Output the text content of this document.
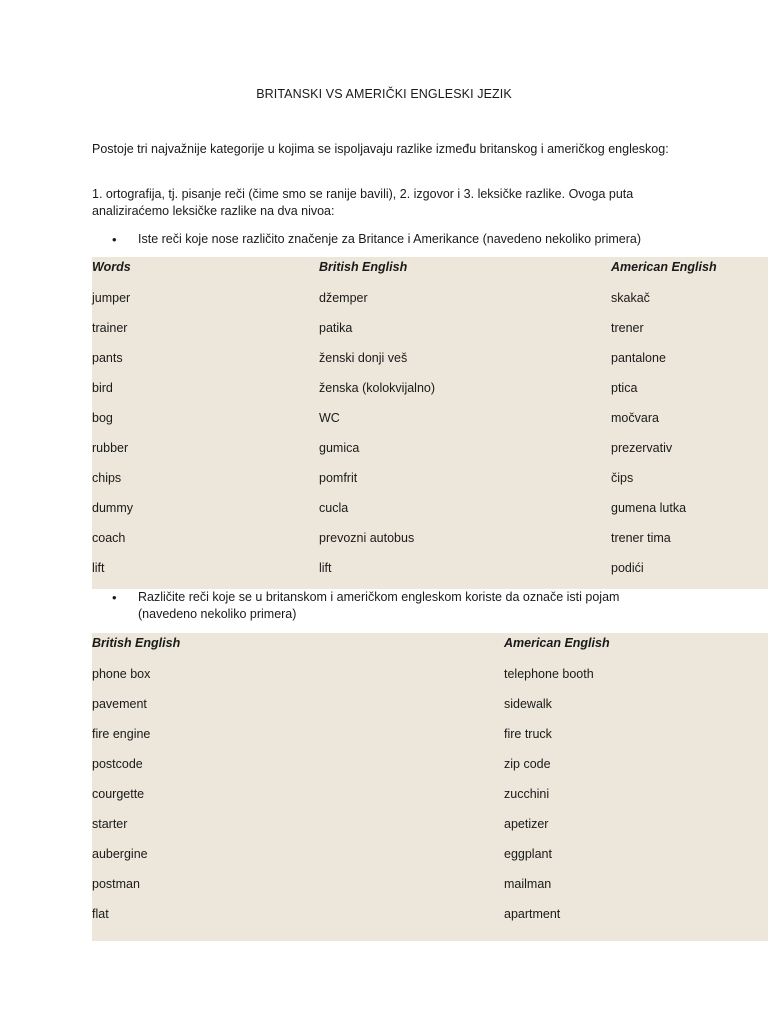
BRITANSKI VS AMERIČKI ENGLESKI JEZIK
Postoje tri najvažnije kategorije u kojima se ispoljavaju razlike između britanskog i američkog engleskog:
1. ortografija, tj. pisanje reči (čime smo se ranije bavili), 2. izgovor i 3. leksičke razlike. Ovoga puta analiziraćemo leksičke razlike na dva nivoa:
•	Iste reči koje nose različito značenje za Britance i Amerikance (navedeno nekoliko primera)
Words	British English	American English
jumper	džemper	skakač
trainer	patika	trener
pants	ženski donji veš	pantalone
bird	ženska (kolokvijalno)	ptica
bog	WC	močvara
rubber	gumica	prezervativ
chips	pomfrit	čips
dummy	cucla	gumena lutka
coach	prevozni autobus	trener tima
lift	lift	podići
•	Različite reči koje se u britanskom i američkom engleskom koriste da označe isti pojam (navedeno nekoliko primera)
British English	American English
phone box	telephone booth
pavement	sidewalk
fire engine	fire truck
postcode	zip code
courgette	zucchini
starter	apetizer
aubergine	eggplant
postman	mailman
flat	apartment
